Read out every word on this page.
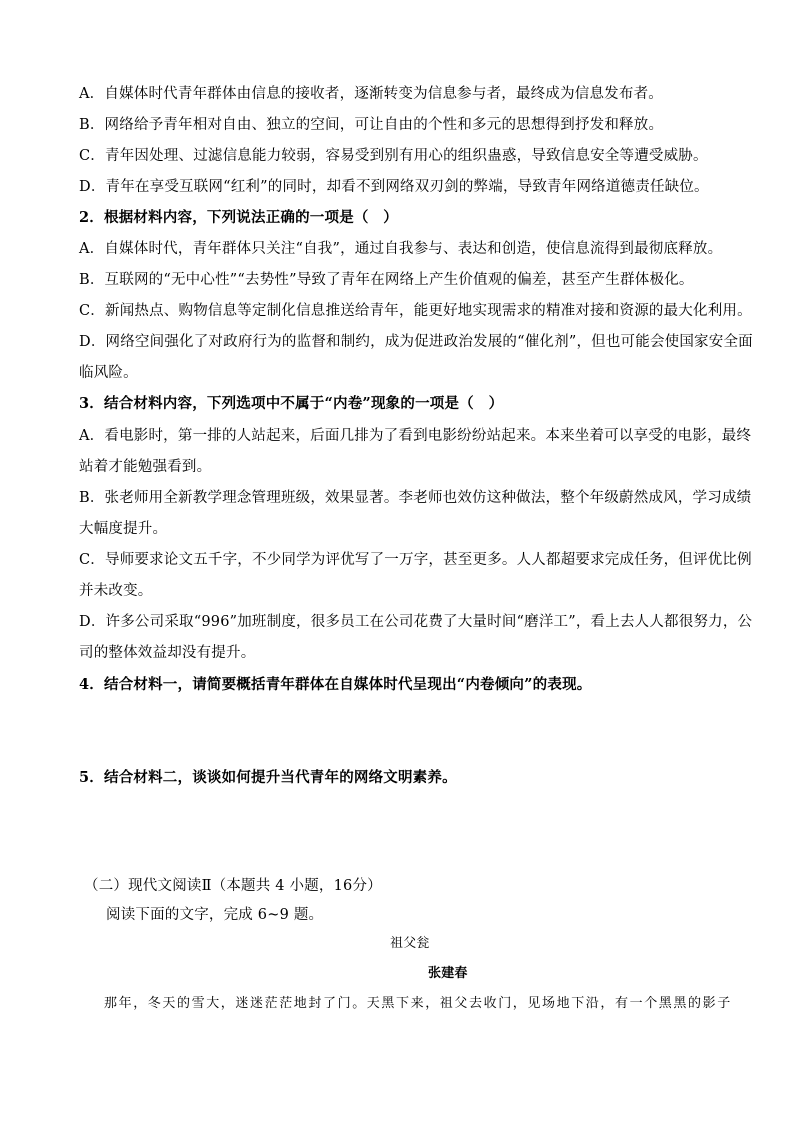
A．自媒体时代青年群体由信息的接收者，逐渐转变为信息参与者，最终成为信息发布者。
B．网络给予青年相对自由、独立的空间，可让自由的个性和多元的思想得到抒发和释放。
C．青年因处理、过滤信息能力较弱，容易受到别有用心的组织蛊惑，导致信息安全等遭受威胁。
D．青年在享受互联网“红利”的同时，却看不到网络双刃剑的弊端，导致青年网络道德责任缺位。
2．根据材料内容，下列说法正确的一项是（　）
A．自媒体时代，青年群体只关注“自我”，通过自我参与、表达和创造，使信息流得到最彻底释放。
B．互联网的“无中心性”“去势性”导致了青年在网络上产生价值观的偏差，甚至产生群体极化。
C．新闻热点、购物信息等定制化信息推送给青年，能更好地实现需求的精准对接和资源的最大化利用。
D．网络空间强化了对政府行为的监督和制约，成为促进政治发展的“催化剂”，但也可能会使国家安全面
临风险。
3．结合材料内容，下列选项中不属于“内卷”现象的一项是（　）
A．看电影时，第一排的人站起来，后面几排为了看到电影纷纷站起来。本来坐着可以享受的电影，最终
站着才能勉强看到。
B．张老师用全新教学理念管理班级，效果显著。李老师也效仿这种做法，整个年级蔚然成风，学习成绩
大幅度提升。
C．导师要求论文五千字，不少同学为评优写了一万字，甚至更多。人人都超要求完成任务，但评优比例
并未改变。
D．许多公司采取“996”加班制度，很多员工在公司花费了大量时间“磨洋工”，看上去人人都很努力，公
司的整体效益却没有提升。
4．结合材料一，请简要概括青年群体在自媒体时代呈现出“内卷倾向”的表现。
5．结合材料二，谈谈如何提升当代青年的网络文明素养。
（二）现代文阅读Ⅱ（本题共 4 小题，16分）
阅读下面的文字，完成 6~9 题。
祖父瓮
张建春
那年，冬天的雪大，迷迷茫茫地封了门。天黑下来，祖父去收门，见场地下沿，有一个黑黑的影子
